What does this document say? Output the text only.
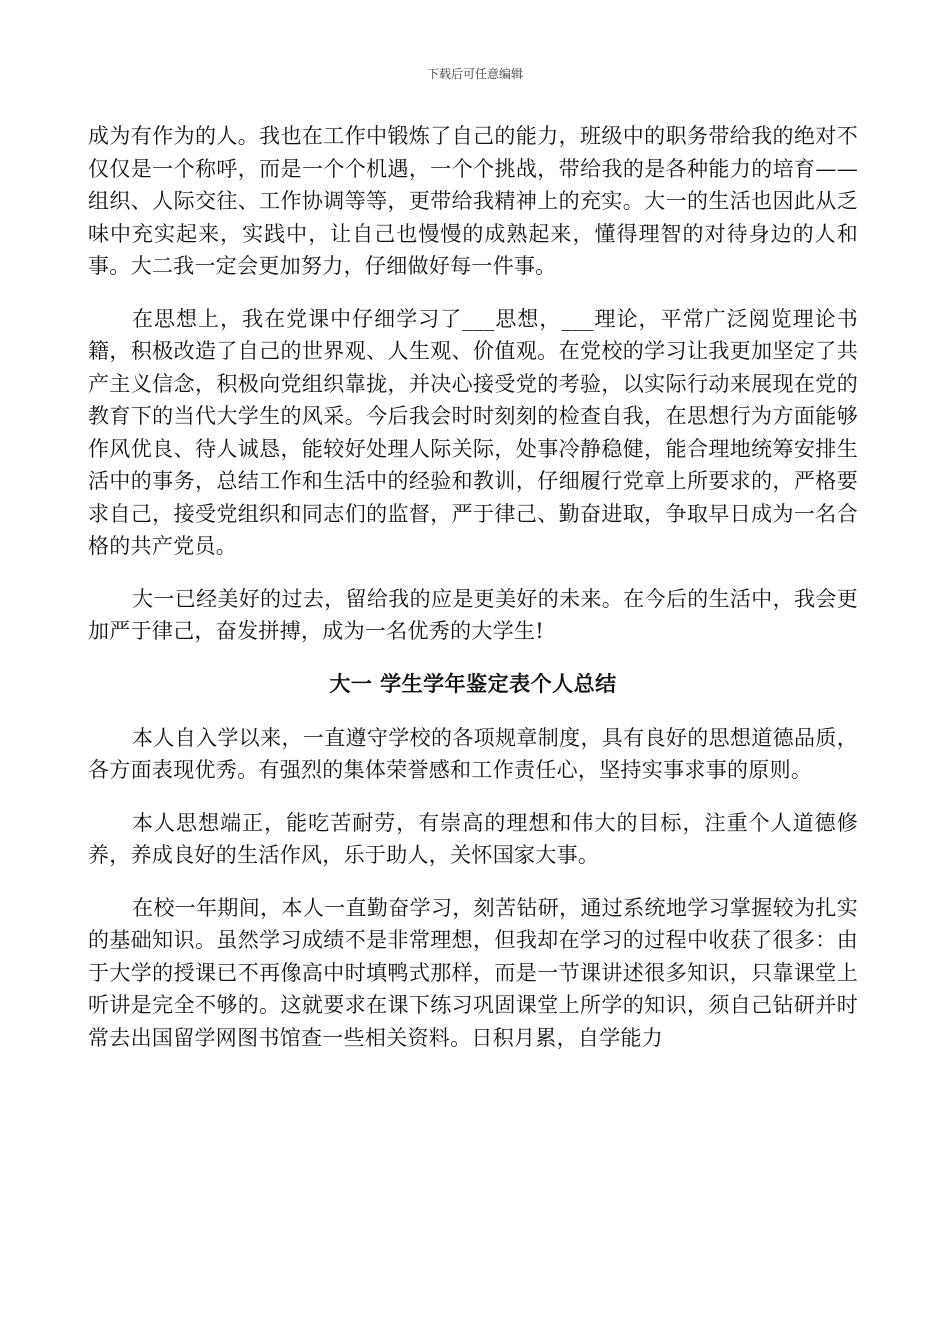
下载后可任意编辑

成为有作为的人。我也在工作中锻炼了自己的能力，班级中的职务带给我的绝对不仅仅是一个称呼，而是一个个机遇，一个个挑战，带给我的是各种能力的培育——组织、人际交往、工作协调等等，更带给我精神上的充实。大一的生活也因此从乏味中充实起来，实践中，让自己也慢慢的成熟起来，懂得理智的对待身边的人和事。大二我一定会更加努力，仔细做好每一件事。

在思想上，我在党课中仔细学习了___思想，___理论，平常广泛阅览理论书籍，积极改造了自己的世界观、人生观、价值观。在党校的学习让我更加坚定了共产主义信念，积极向党组织靠拢，并决心接受党的考验，以实际行动来展现在党的教育下的当代大学生的风采。今后我会时时刻刻的检查自我，在思想行为方面能够作风优良、待人诚恳，能较好处理人际关际，处事冷静稳健，能合理地统筹安排生活中的事务，总结工作和生活中的经验和教训，仔细履行党章上所要求的，严格要求自己，接受党组织和同志们的监督，严于律己、勤奋进取，争取早日成为一名合格的共产党员。

大一已经美好的过去，留给我的应是更美好的未来。在今后的生活中，我会更加严于律己，奋发拼搏，成为一名优秀的大学生!

大一 学生学年鉴定表个人总结

本人自入学以来，一直遵守学校的各项规章制度，具有良好的思想道德品质，各方面表现优秀。有强烈的集体荣誉感和工作责任心，坚持实事求事的原则。

本人思想端正，能吃苦耐劳，有崇高的理想和伟大的目标，注重个人道德修养，养成良好的生活作风，乐于助人，关怀国家大事。

在校一年期间，本人一直勤奋学习，刻苦钻研，通过系统地学习掌握较为扎实的基础知识。虽然学习成绩不是非常理想，但我却在学习的过程中收获了很多：由于大学的授课已不再像高中时填鸭式那样，而是一节课讲述很多知识，只靠课堂上听讲是完全不够的。这就要求在课下练习巩固课堂上所学的知识，须自己钻研并时常去出国留学网图书馆查一些相关资料。日积月累，自学能力
